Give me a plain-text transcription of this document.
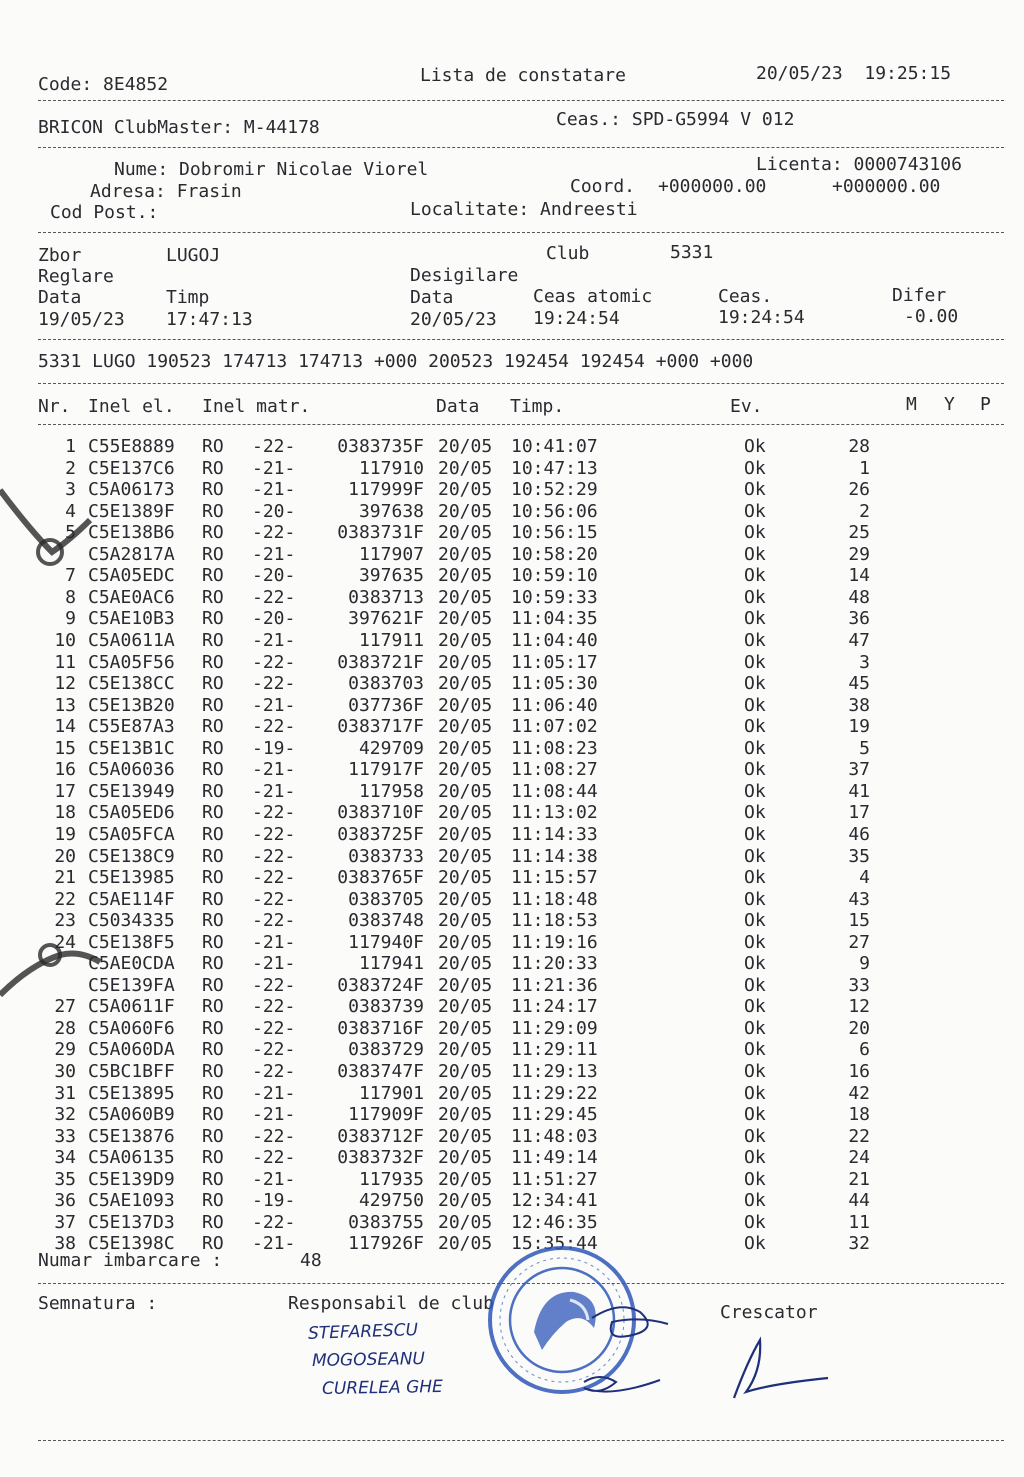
Code: 8E4852	Lista de constatare	20/05/23  19:25:15
BRICON ClubMaster: M-44178	Ceas.: SPD-G5994 V 012
Nume: Dobromir Nicolae Viorel	Licenta: 0000743106
Adresa: Frasin	Coord. +000000.00	+000000.00
Cod Post.:	Localitate: Andreesti
Zbor	LUGOJ	Club	5331
Reglare	Desigilare
Data	Timp	Data	Ceas atomic	Ceas.	Difer
19/05/23 17:47:13	20/05/23 19:24:54	19:24:54	-0.00
5331 LUGO 190523 174713 174713 +000 200523 192454 192454 +000 +000
Nr. Inel el. Inel matr.	Data Timp.	Ev.	M Y P
1 C55E8889 RO -22-	0383735F 20/05 10:41:07	Ok	28
2 C5E137C6 RO -21-	117910 20/05 10:47:13	Ok	1
3 C5A06173 RO -21-	117999F 20/05 10:52:29	Ok	26
4 C5E1389F RO -20-	397638 20/05 10:56:06	Ok	2
5 C5E138B6 RO -22-	0383731F 20/05 10:56:15	Ok	25
C5A2817A RO -21-	117907 20/05 10:58:20	Ok	29
7 C5A05EDC RO -20-	397635 20/05 10:59:10	Ok	14
8 C5AE0AC6 RO -22-	0383713 20/05 10:59:33	Ok	48
9 C5AE10B3 RO -20-	397621F 20/05 11:04:35	Ok	36
10 C5A0611A RO -21-	117911 20/05 11:04:40	Ok	47
11 C5A05F56 RO -22-	0383721F 20/05 11:05:17	Ok	3
12 C5E138CC RO -22-	0383703 20/05 11:05:30	Ok	45
13 C5E13B20 RO -21-	037736F 20/05 11:06:40	Ok	38
14 C55E87A3 RO -22-	0383717F 20/05 11:07:02	Ok	19
15 C5E13B1C RO -19-	429709 20/05 11:08:23	Ok	5
16 C5A06036 RO -21-	117917F 20/05 11:08:27	Ok	37
17 C5E13949 RO -21-	117958 20/05 11:08:44	Ok	41
18 C5A05ED6 RO -22-	0383710F 20/05 11:13:02	Ok	17
19 C5A05FCA RO -22-	0383725F 20/05 11:14:33	Ok	46
20 C5E138C9 RO -22-	0383733 20/05 11:14:38	Ok	35
21 C5E13985 RO -22-	0383765F 20/05 11:15:57	Ok	4
22 C5AE114F RO -22-	0383705 20/05 11:18:48	Ok	43
23 C5034335 RO -22-	0383748 20/05 11:18:53	Ok	15
24 C5E138F5 RO -21-	117940F 20/05 11:19:16	Ok	27
C5AE0CDA RO -21-	117941 20/05 11:20:33	Ok	9
C5E139FA RO -22-	0383724F 20/05 11:21:36	Ok	33
27 C5A0611F RO -22-	0383739 20/05 11:24:17	Ok	12
28 C5A060F6 RO -22-	0383716F 20/05 11:29:09	Ok	20
29 C5A060DA RO -22-	0383729 20/05 11:29:11	Ok	6
30 C5BC1BFF RO -22-	0383747F 20/05 11:29:13	Ok	16
31 C5E13895 RO -21-	117901 20/05 11:29:22	Ok	42
32 C5A060B9 RO -21-	117909F 20/05 11:29:45	Ok	18
33 C5E13876 RO -22-	0383712F 20/05 11:48:03	Ok	22
34 C5A06135 RO -22-	0383732F 20/05 11:49:14	Ok	24
35 C5E139D9 RO -21-	117935 20/05 11:51:27	Ok	21
36 C5AE1093 RO -19-	429750 20/05 12:34:41	Ok	44
37 C5E137D3 RO -22-	0383755 20/05 12:46:35	Ok	11
38 C5E1398C RO -21-	117926F 20/05 15:35:44	Ok	32
Numar imbarcare :	48
Semnatura :	Responsabil de club	Crescator
STEFARESCU
MOGOSEANU
CURELEA GHE
